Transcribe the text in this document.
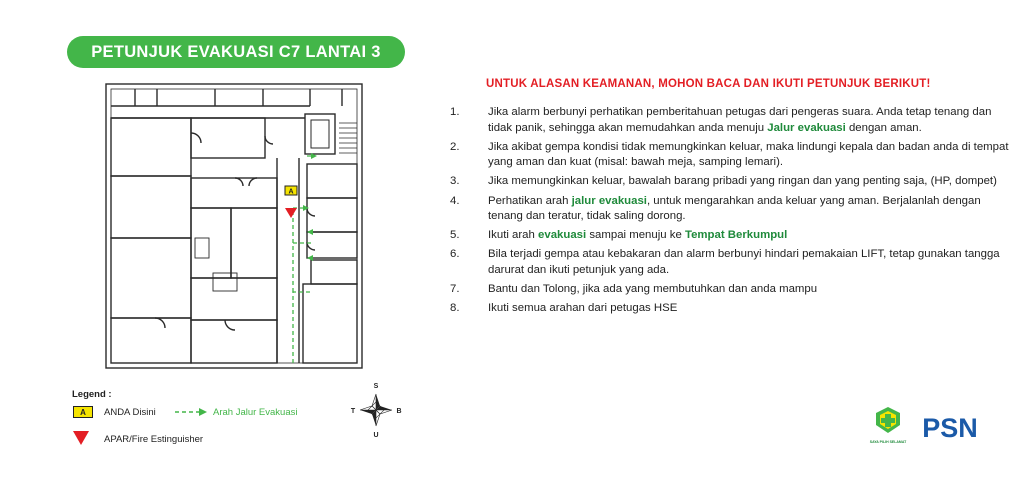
PETUNJUK EVAKUASI C7 LANTAI 3
A
UNTUK ALASAN KEAMANAN, MOHON BACA DAN IKUTI PETUNJUK BERIKUT!
1.	Jika alarm berbunyi perhatikan pemberitahuan petugas dari pengeras suara. Anda tetap tenang dan tidak panik, sehingga akan memudahkan anda menuju Jalur evakuasi dengan aman.
2.	Jika akibat gempa kondisi tidak memungkinkan keluar, maka lindungi kepala dan badan anda di tempat yang aman dan kuat (misal: bawah meja, samping lemari).
3.	Jika memungkinkan keluar, bawalah barang pribadi yang ringan dan yang penting saja, (HP, dompet)
4.	Perhatikan arah jalur evakuasi, untuk mengarahkan anda keluar yang aman. Berjalanlah dengan tenang dan teratur, tidak saling dorong.
5.	Ikuti arah evakuasi sampai menuju ke Tempat Berkumpul
6.	Bila terjadi gempa atau kebakaran dan alarm berbunyi hindari pemakaian LIFT, tetap gunakan tangga darurat dan ikuti petunjuk yang ada.
7.	Bantu dan Tolong, jika ada yang membutuhkan dan anda mampu
8.	Ikuti semua arahan dari petugas HSE
Legend :
A	ANDA Disini	Arah Jalur Evakuasi
APAR/Fire Estinguisher
S
U
T	B
SAYA PILIH SELAMAT PSN
